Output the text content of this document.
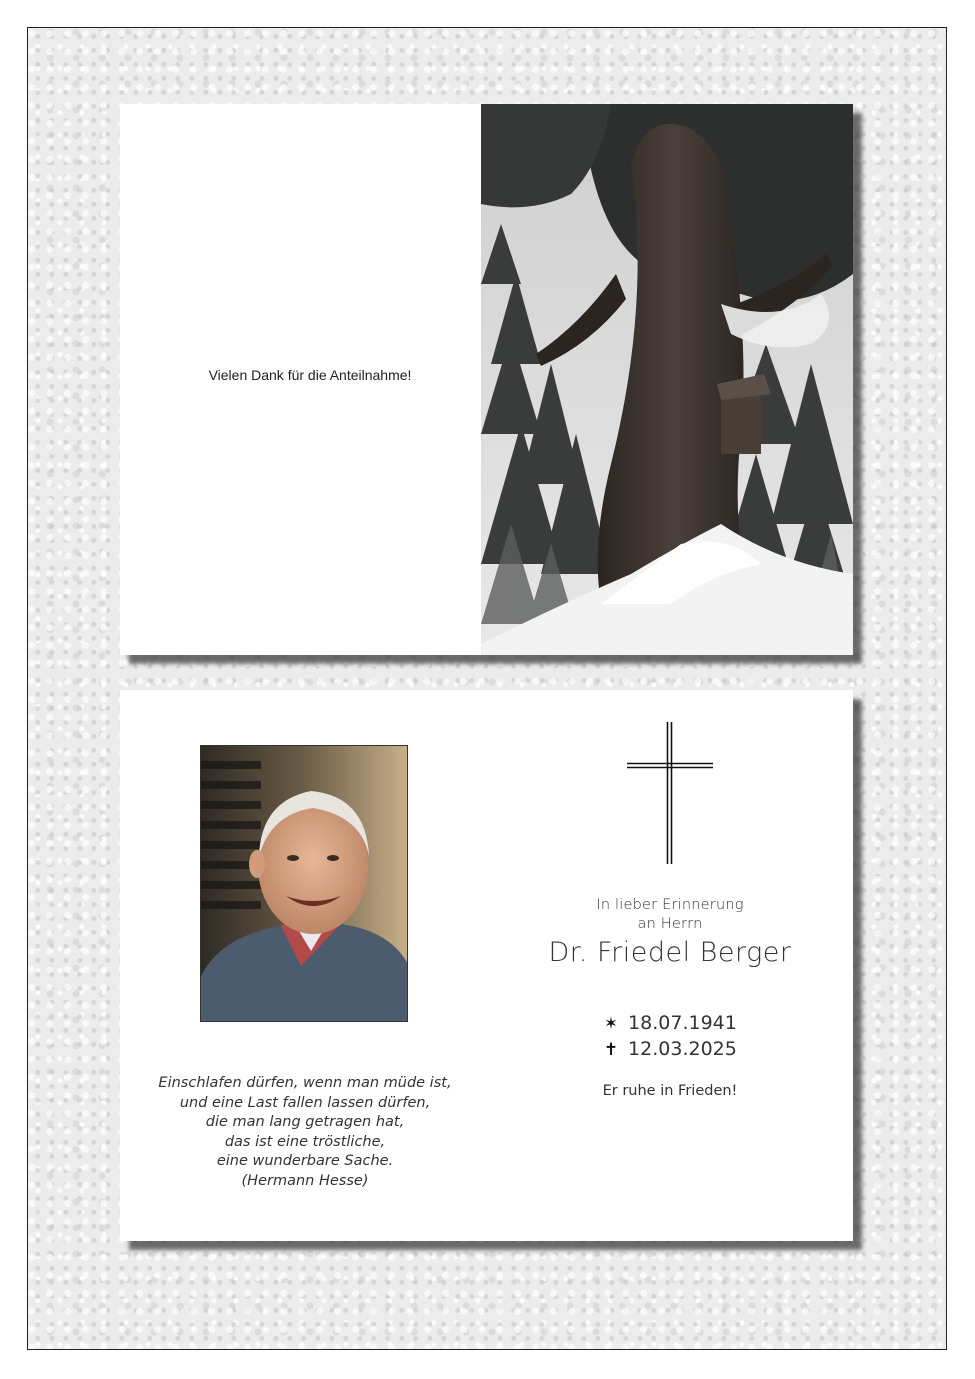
Vielen Dank für die Anteilnahme!
In lieber Erinnerung
an Herrn
Dr. Friedel Berger
✶ 18.07.1941
✝ 12.03.2025
Er ruhe in Frieden!
Einschlafen dürfen, wenn man müde ist,
und eine Last fallen lassen dürfen,
die man lang getragen hat,
das ist eine tröstliche,
eine wunderbare Sache.
(Hermann Hesse)
